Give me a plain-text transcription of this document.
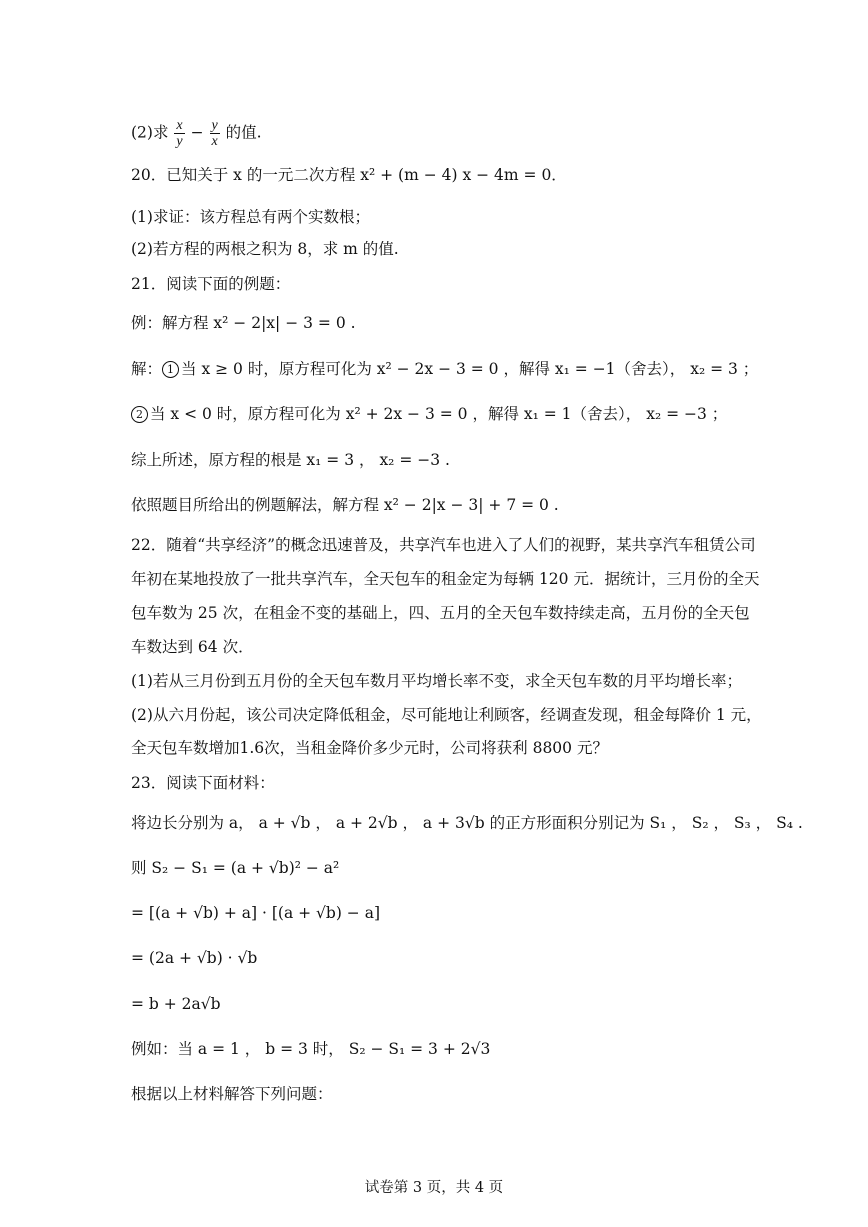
(2)求 $\frac{x}{y} - \frac{y}{x}$ 的值.
20．已知关于 x 的一元二次方程 x² + (m − 4) x − 4m = 0．
(1)求证：该方程总有两个实数根；
(2)若方程的两根之积为 8，求 m 的值.
21．阅读下面的例题：
例：解方程 x² − 2|x| − 3 = 0 .
解： 1 当 x ≥ 0 时，原方程可化为 x² − 2x − 3 = 0 ，解得 x₁ = −1（舍去）， x₂ = 3 ；
2 当 x < 0 时，原方程可化为 x² + 2x − 3 = 0 ，解得 x₁ = 1（舍去）， x₂ = −3 ；
综上所述，原方程的根是 x₁ = 3 ， x₂ = −3 .
依照题目所给出的例题解法，解方程 x² − 2|x − 3| + 7 = 0 .
22．随着“共享经济”的概念迅速普及，共享汽车也进入了人们的视野，某共享汽车租赁公司
年初在某地投放了一批共享汽车，全天包车的租金定为每辆 120 元．据统计，三月份的全天
包车数为 25 次，在租金不变的基础上，四、五月的全天包车数持续走高，五月份的全天包
车数达到 64 次．
(1)若从三月份到五月份的全天包车数月平均增长率不变，求全天包车数的月平均增长率；
(2)从六月份起，该公司决定降低租金，尽可能地让利顾客，经调查发现，租金每降价 1 元，
全天包车数增加1.6次，当租金降价多少元时，公司将获利 8800 元？
23．阅读下面材料：
将边长分别为 a， a + √b ， a + 2√b ， a + 3√b 的正方形面积分别记为 S₁ ， S₂ ， S₃ ， S₄ .
则 S₂ − S₁ = (a + √b)² − a²
= [(a + √b) + a] · [(a + √b) − a]
= (2a + √b) · √b
= b + 2a√b
例如：当 a = 1 ， b = 3 时， S₂ − S₁ = 3 + 2√3
根据以上材料解答下列问题：
试卷第 3 页，共 4 页
